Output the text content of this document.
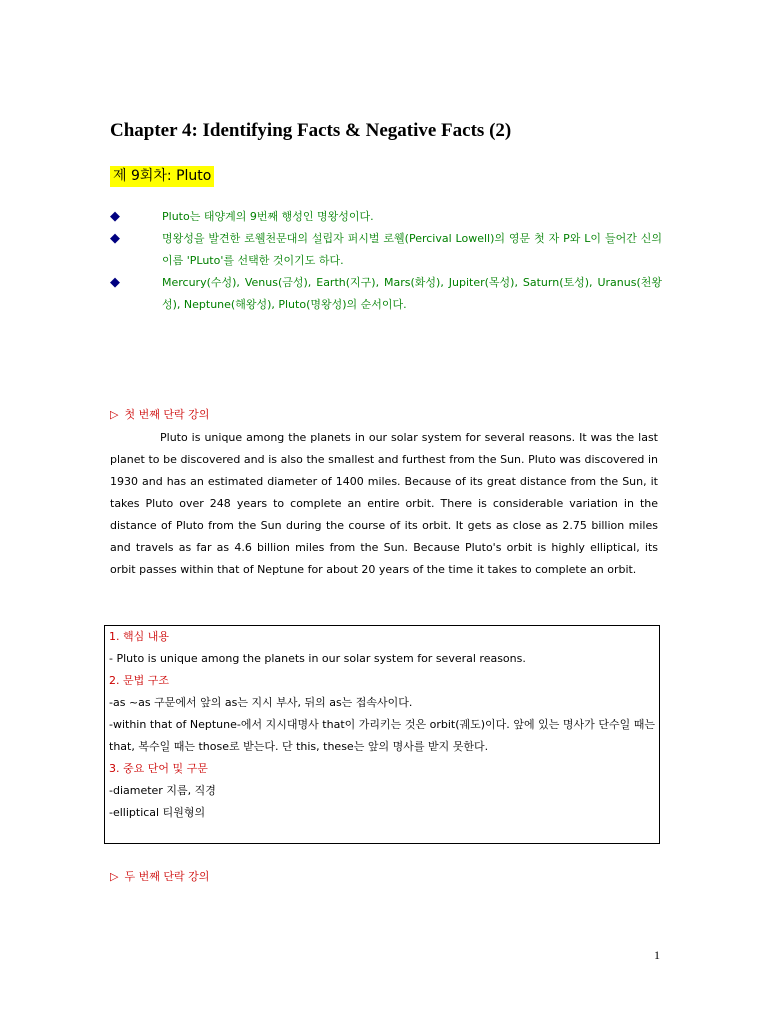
Chapter 4: Identifying Facts & Negative Facts (2)
제 9회차: Pluto
◆	Pluto는 태양계의 9번째 행성인 명왕성이다.
◆	명왕성을 발견한 로웰천문대의 설립자 퍼시벌 로웰(Percival Lowell)의 영문 첫 자 P와 L이 들어간 신의 이름 'PLuto'를 선택한 것이기도 하다.
◆	Mercury(수성), Venus(금성), Earth(지구), Mars(화성), Jupiter(목성), Saturn(토성), Uranus(천왕성), Neptune(해왕성), Pluto(명왕성)의 순서이다.
▷ 첫 번째 단락 강의

Pluto is unique among the planets in our solar system for several reasons. It was the last planet to be discovered and is also the smallest and furthest from the Sun. Pluto was discovered in 1930 and has an estimated diameter of 1400 miles. Because of its great distance from the Sun, it takes Pluto over 248 years to complete an entire orbit. There is considerable variation in the distance of Pluto from the Sun during the course of its orbit. It gets as close as 2.75 billion miles and travels as far as 4.6 billion miles from the Sun. Because Pluto's orbit is highly elliptical, its orbit passes within that of Neptune for about 20 years of the time it takes to complete an orbit.

1. 핵심 내용

- Pluto is unique among the planets in our solar system for several reasons.

2. 문법 구조

-as ~as 구문에서 앞의 as는 지시 부사, 뒤의 as는 접속사이다.

-within that of Neptune-에서 지시대명사 that이 가리키는 것은 orbit(궤도)이다. 앞에 있는 명사가 단수일 때는 that, 복수일 때는 those로 받는다. 단 this, these는 앞의 명사를 받지 못한다.

3. 중요 단어 및 구문

-diameter 지름, 직경

-elliptical 티원형의

▷ 두 번째 단락 강의
1
